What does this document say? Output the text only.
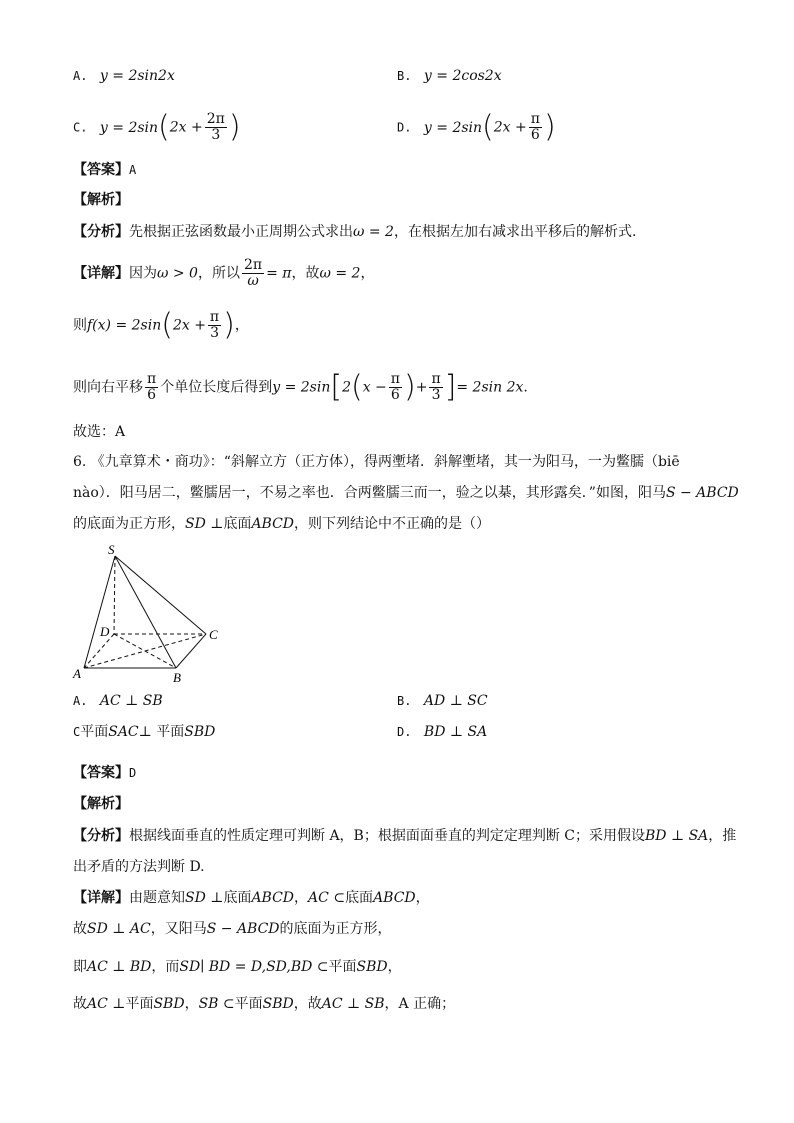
A. y = 2sin2x	B. y = 2cos2x
C. $y = 2\sin(2x + \frac{2\pi}{3}$ )	D. $y = 2\sin(2x + \frac{\pi}{6}$ )
【答案】A
【解析】
【分析】先根据正弦函数最小正周期公式求出ω = 2，在根据左加右减求出平移后的解析式.
【详解】因为ω > 0，所以 $\frac{2\pi}{\omega} = \pi$，故ω = 2，
则$f(x) = 2\sin(2x + \frac{\pi}{3}$ )，
则向右平移 $\frac{\pi}{6}$ 个单位长度后得到$y = 2\sin[2(x - \frac{\pi}{6}$ )+ $\frac{\pi}{3}$ ]= 2sin 2x.
故选：A
6. 《九章算术・商功》：“斜解立方（正方体），得两壍堵．斜解壍堵，其一为阳马，一为鳖臑（biē
nào）．阳马居二，鳖臑居一，不易之率也．合两鳖臑三而一，验之以棊，其形露矣．”如图，阳马S − ABCD
的底面为正方形，SD ⊥底面ABCD，则下列结论中不正确的是（）
S
D	C
A	B
A. AC ⊥ SB	B. AD ⊥ SC
C平面SAC⊥ 平面SBD	D. BD ⊥ SA
【答案】D
【解析】
【分析】根据线面垂直的性质定理可判断 A，B；根据面面垂直的判定定理判断 C；采用假设BD ⊥ SA，推
出矛盾的方法判断 D.
【详解】由题意知SD ⊥底面ABCD，AC ⊂底面ABCD，
故SD ⊥ AC，又阳马S − ABCD的底面为正方形，
即AC ⊥ BD，而SD∣ BD = D,SD,BD ⊂平面SBD，
故AC ⊥平面SBD，SB ⊂平面SBD，故AC ⊥ SB，A 正确；
